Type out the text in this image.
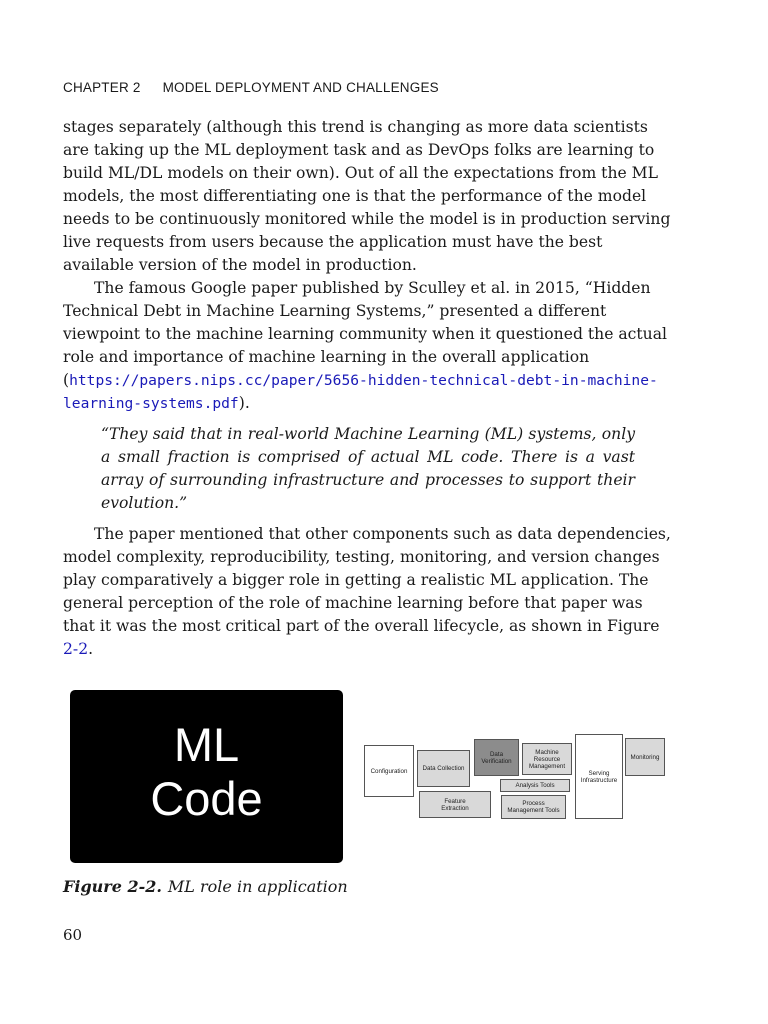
CHAPTER 2 MODEL DEPLOYMENT AND CHALLENGES

stages separately (although this trend is changing as more data scientists are taking up the ML deployment task and as DevOps folks are learning to build ML/DL models on their own). Out of all the expectations from the ML models, the most differentiating one is that the performance of the model needs to be continuously monitored while the model is in production serving live requests from users because the application must have the best available version of the model in production.

The famous Google paper published by Sculley et al. in 2015, “Hidden Technical Debt in Machine Learning Systems,” presented a different viewpoint to the machine learning community when it questioned the actual role and importance of machine learning in the overall application (https://papers.nips.cc/paper/5656-hidden-technical-debt-in-machine-learning-systems.pdf).

“They said that in real-world Machine Learning (ML) systems, only a small fraction is comprised of actual ML code. There is a vast array of surrounding infrastructure and processes to support their evolution.”

The paper mentioned that other components such as data dependencies, model complexity, reproducibility, testing, monitoring, and version changes play comparatively a bigger role in getting a realistic ML application. The general perception of the role of machine learning before that paper was that it was the most critical part of the overall lifecycle, as shown in Figure 2-2.

ML
Code
Configuration	Data Collection
Data
Verification
Machine
Resource
Management
Analysis Tools
Feature
Extraction
Process
Management Tools
Serving
Infrastructure
Monitoring
Figure 2-2. ML role in application
60
